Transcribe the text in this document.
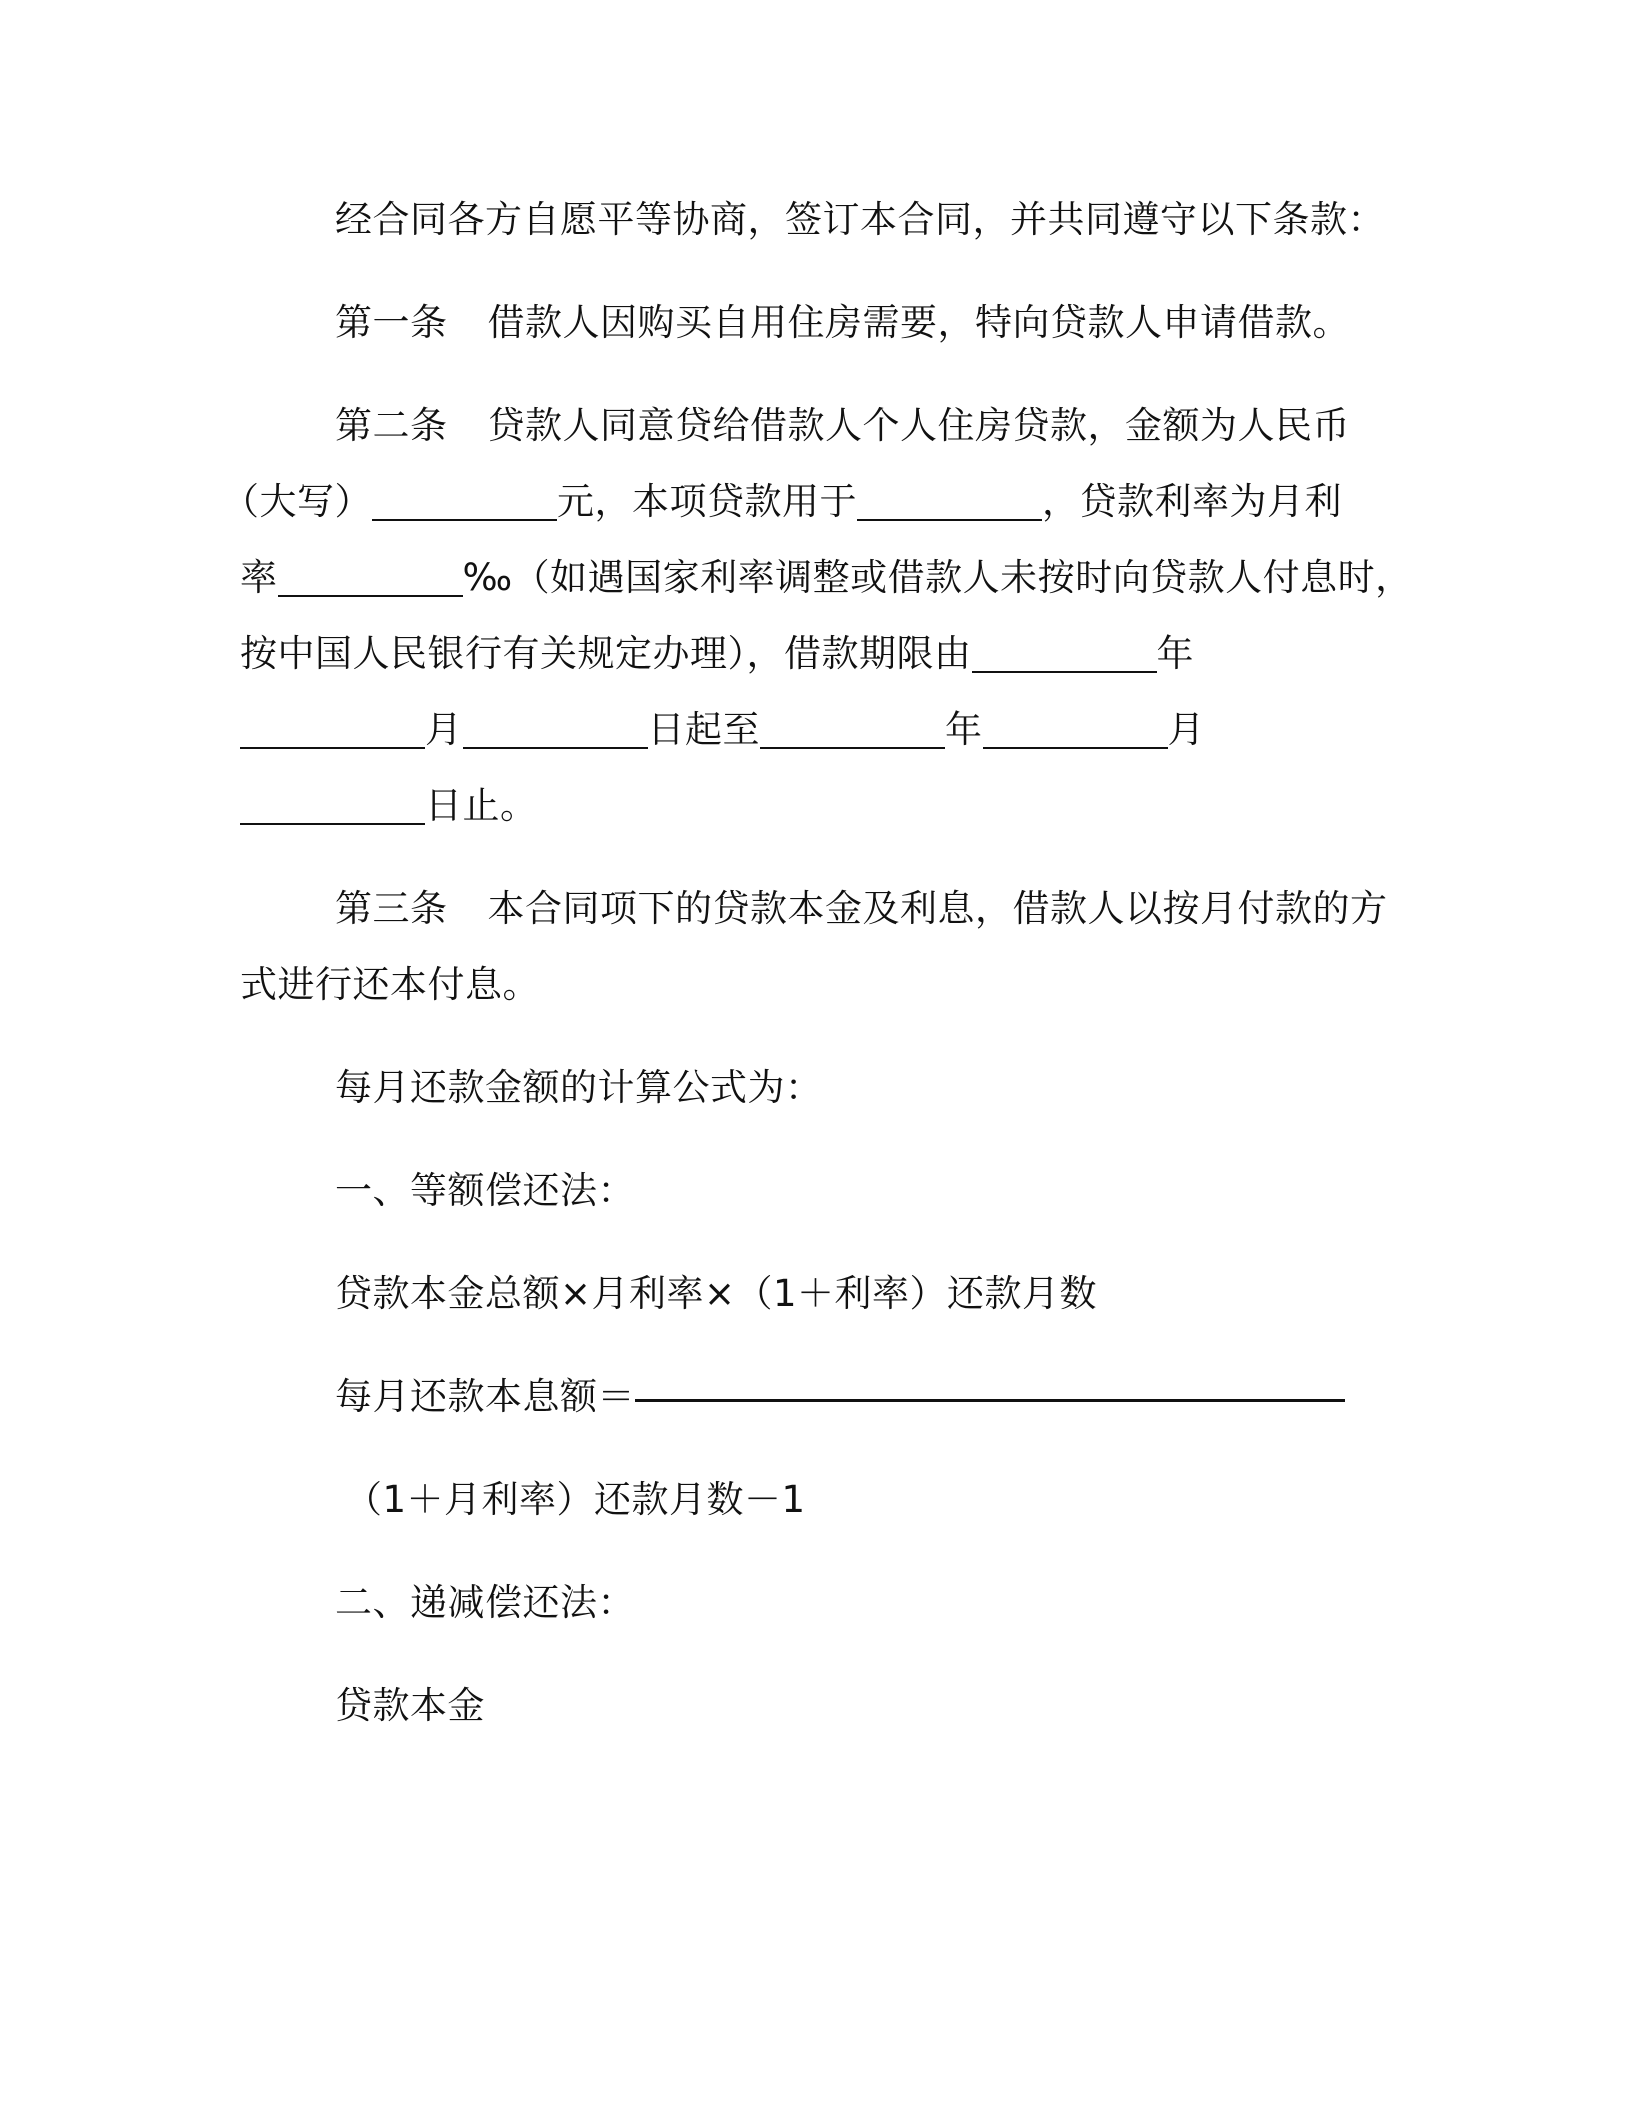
经合同各方自愿平等协商，签订本合同，并共同遵守以下条款：
第一条 借款人因购买自用住房需要，特向贷款人申请借款。
第二条 贷款人同意贷给借款人个人住房贷款，金额为人民币
（大写）	元，本项贷款用于	，贷款利率为月利
率	‰（如遇国家利率调整或借款人未按时向贷款人付息时，
按中国人民银行有关规定办理），借款期限由	年
月	日起至	年	月
日止。
第三条 本合同项下的贷款本金及利息，借款人以按月付款的方
式进行还本付息。
每月还款金额的计算公式为：
一、等额偿还法：
贷款本金总额×月利率×（1＋利率）还款月数
每月还款本息额＝
（1＋月利率）还款月数－1
二、递减偿还法：
贷款本金
